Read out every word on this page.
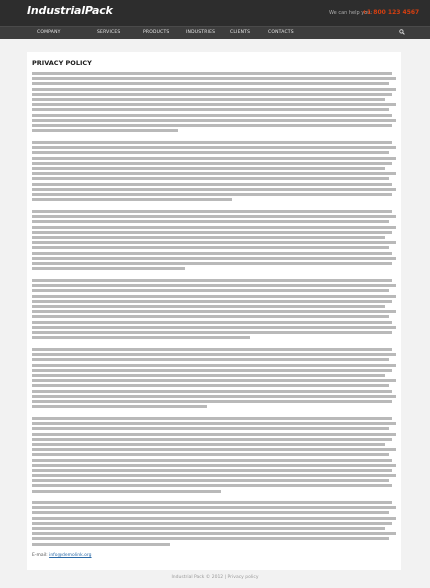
IndustrialPack	We can help you:
+1 800 123 4567
COMPANY	SERVICES	PRODUCTS	INDUSTRIES	CLIENTS	CONTACTS
PRIVACY POLICY
E-mail: info@demolink.org
Industrial Pack © 2012 | Privacy policy
